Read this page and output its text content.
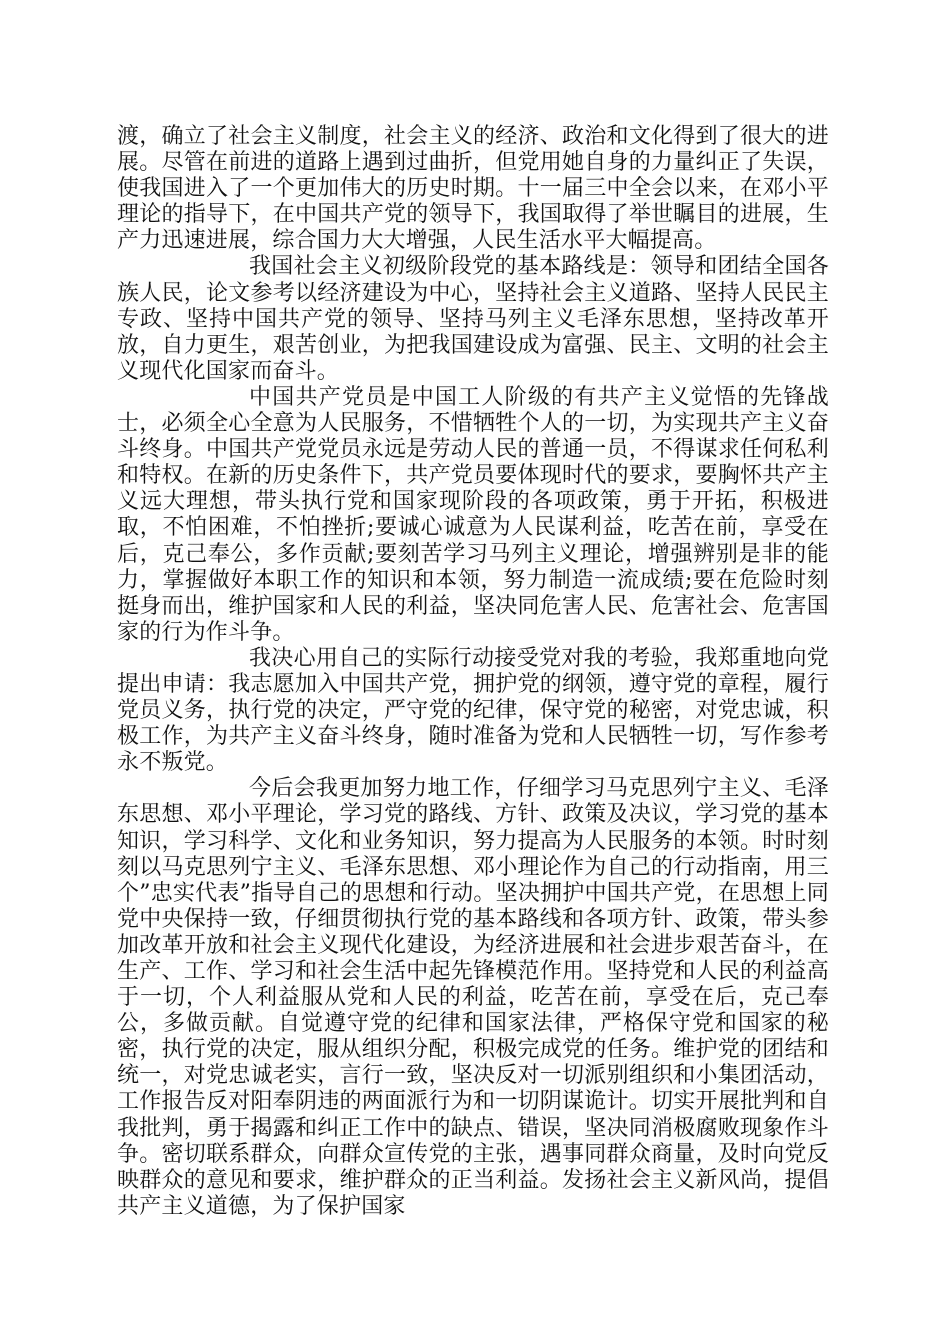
渡，确立了社会主义制度，社会主义的经济、政治和文化得到了很大的进展。尽管在前进的道路上遇到过曲折，但党用她自身的力量纠正了失误，使我国进入了一个更加伟大的历史时期。十一届三中全会以来，在邓小平理论的指导下，在中国共产党的领导下，我国取得了举世瞩目的进展，生产力迅速进展，综合国力大大增强，人民生活水平大幅提高。

我国社会主义初级阶段党的基本路线是：领导和团结全国各族人民，论文参考以经济建设为中心，坚持社会主义道路、坚持人民民主专政、坚持中国共产党的领导、坚持马列主义毛泽东思想，坚持改革开放，自力更生，艰苦创业，为把我国建设成为富强、民主、文明的社会主义现代化国家而奋斗。

中国共产党员是中国工人阶级的有共产主义觉悟的先锋战士，必须全心全意为人民服务，不惜牺牲个人的一切，为实现共产主义奋斗终身。中国共产党党员永远是劳动人民的普通一员，不得谋求任何私利和特权。在新的历史条件下，共产党员要体现时代的要求，要胸怀共产主义远大理想，带头执行党和国家现阶段的各项政策，勇于开拓，积极进取，不怕困难，不怕挫折;要诚心诚意为人民谋利益，吃苦在前，享受在后，克己奉公，多作贡献;要刻苦学习马列主义理论，增强辨别是非的能力，掌握做好本职工作的知识和本领，努力制造一流成绩;要在危险时刻挺身而出，维护国家和人民的利益，坚决同危害人民、危害社会、危害国家的行为作斗争。

我决心用自己的实际行动接受党对我的考验，我郑重地向党提出申请：我志愿加入中国共产党，拥护党的纲领，遵守党的章程，履行党员义务，执行党的决定，严守党的纪律，保守党的秘密，对党忠诚，积极工作，为共产主义奋斗终身，随时准备为党和人民牺牲一切，写作参考永不叛党。

今后会我更加努力地工作，仔细学习马克思列宁主义、毛泽东思想、邓小平理论，学习党的路线、方针、政策及决议，学习党的基本知识，学习科学、文化和业务知识，努力提高为人民服务的本领。时时刻刻以马克思列宁主义、毛泽东思想、邓小理论作为自己的行动指南，用三个”忠实代表”指导自己的思想和行动。坚决拥护中国共产党，在思想上同党中央保持一致，仔细贯彻执行党的基本路线和各项方针、政策，带头参加改革开放和社会主义现代化建设，为经济进展和社会进步艰苦奋斗，在生产、工作、学习和社会生活中起先锋模范作用。坚持党和人民的利益高于一切，个人利益服从党和人民的利益，吃苦在前，享受在后，克己奉公，多做贡献。自觉遵守党的纪律和国家法律，严格保守党和国家的秘密，执行党的决定，服从组织分配，积极完成党的任务。维护党的团结和统一，对党忠诚老实，言行一致，坚决反对一切派别组织和小集团活动，工作报告反对阳奉阴违的两面派行为和一切阴谋诡计。切实开展批判和自我批判，勇于揭露和纠正工作中的缺点、错误，坚决同消极腐败现象作斗争。密切联系群众，向群众宣传党的主张，遇事同群众商量，及时向党反映群众的意见和要求，维护群众的正当利益。发扬社会主义新风尚，提倡共产主义道德，为了保护国家
